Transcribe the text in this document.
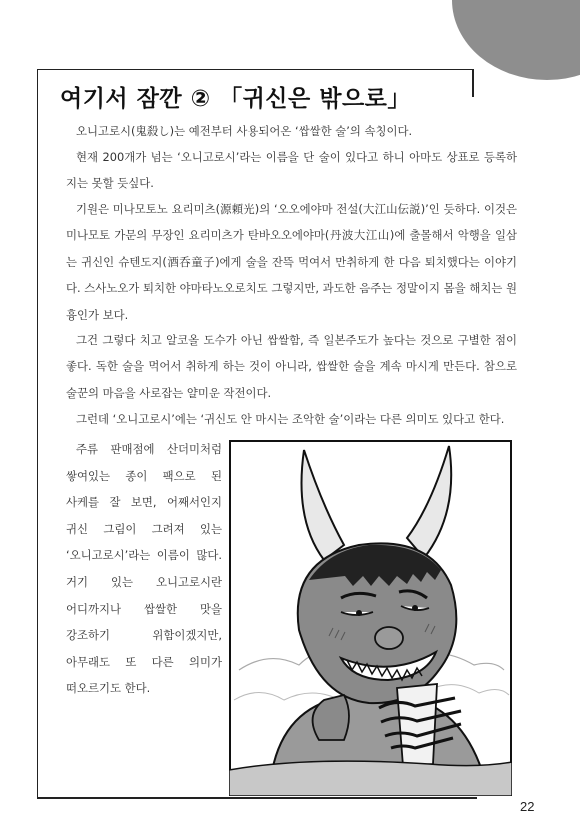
여기서 잠깐 ② 「귀신은 밖으로」
오니고로시(鬼殺し)는 예전부터 사용되어온 ‘쌉쌀한 술’의 속칭이다.
현재 200개가 넘는 ‘오니고로시’라는 이름을 단 술이 있다고 하니 아마도 상표로 등록하지는 못할 듯싶다.
기원은 미나모토노 요리미츠(源頼光)의 ‘오오에야마 전설(大江山伝説)’인 듯하다. 이것은 미나모토 가문의 무장인 요리미츠가 탄바오오에야마(丹波大江山)에 출몰해서 악행을 일삼는 귀신인 슈텐도지(酒呑童子)에게 술을 잔뜩 먹여서 만취하게 한 다음 퇴치했다는 이야기다. 스사노오가 퇴치한 야마타노오로치도 그렇지만, 과도한 음주는 정말이지 몸을 해치는 원흉인가 보다.
그건 그렇다 치고 알코올 도수가 아닌 쌉쌀함, 즉 일본주도가 높다는 것으로 구별한 점이 좋다. 독한 술을 먹어서 취하게 하는 것이 아니라, 쌉쌀한 술을 계속 마시게 만든다. 참으로 술꾼의 마음을 사로잡는 얄미운 작전이다.
그런데 ‘오니고로시’에는 ‘귀신도 안 마시는 조악한 술’이라는 다른 의미도 있다고 한다.
주류 판매점에 산더미처럼 쌓여있는 종이 팩으로 된 사케를 잘 보면, 어째서인지 귀신 그림이 그려져 있는 ‘오니고로시’라는 이름이 많다. 거기 있는 오니고로시란 어디까지나 쌉쌀한 맛을 강조하기 위함이겠지만, 아무래도 또 다른 의미가 떠오르기도 한다.
22
